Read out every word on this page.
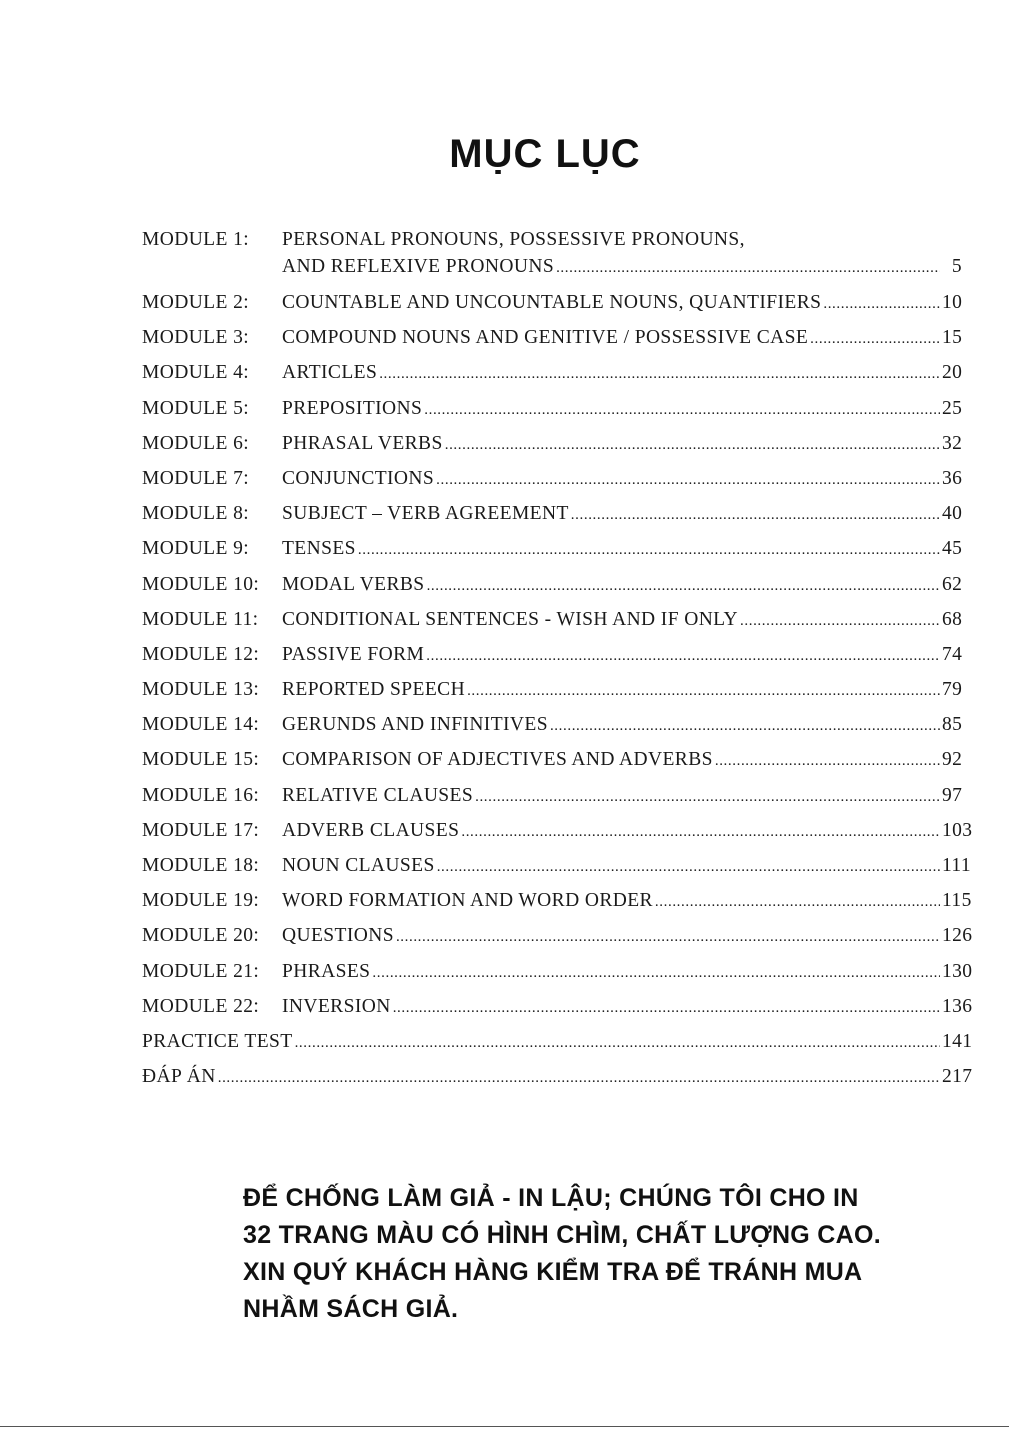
MỤC LỤC
MODULE 1:	PERSONAL PRONOUNS, POSSESSIVE PRONOUNS,
AND REFLEXIVE PRONOUNS .....	5
MODULE 2:	COUNTABLE AND UNCOUNTABLE NOUNS, QUANTIFIERS .....	10
MODULE 3:	COMPOUND NOUNS AND GENITIVE / POSSESSIVE CASE .....	15
MODULE 4:	ARTICLES .....	20
MODULE 5:	PREPOSITIONS .....	25
MODULE 6:	PHRASAL VERBS .....	32
MODULE 7:	CONJUNCTIONS .....	36
MODULE 8:	SUBJECT – VERB AGREEMENT .....	40
MODULE 9:	TENSES .....	45
MODULE 10:	MODAL VERBS .....	62
MODULE 11:	CONDITIONAL SENTENCES - WISH AND IF ONLY .....	68
MODULE 12:	PASSIVE FORM .....	74
MODULE 13:	REPORTED SPEECH .....	79
MODULE 14:	GERUNDS AND INFINITIVES .....	85
MODULE 15:	COMPARISON OF ADJECTIVES AND ADVERBS .....	92
MODULE 16:	RELATIVE CLAUSES .....	97
MODULE 17:	ADVERB CLAUSES .....	103
MODULE 18:	NOUN CLAUSES .....	111
MODULE 19:	WORD FORMATION AND WORD ORDER .....	115
MODULE 20:	QUESTIONS .....	126
MODULE 21:	PHRASES .....	130
MODULE 22:	INVERSION .....	136
PRACTICE TEST .....	141
ĐÁP ÁN .....	217
ĐỂ CHỐNG LÀM GIẢ - IN LẬU; CHÚNG TÔI CHO IN
32 TRANG MÀU CÓ HÌNH CHÌM, CHẤT LƯỢNG CAO.
XIN QUÝ KHÁCH HÀNG KIỂM TRA ĐỂ TRÁNH MUA
NHẦM SÁCH GIẢ.
